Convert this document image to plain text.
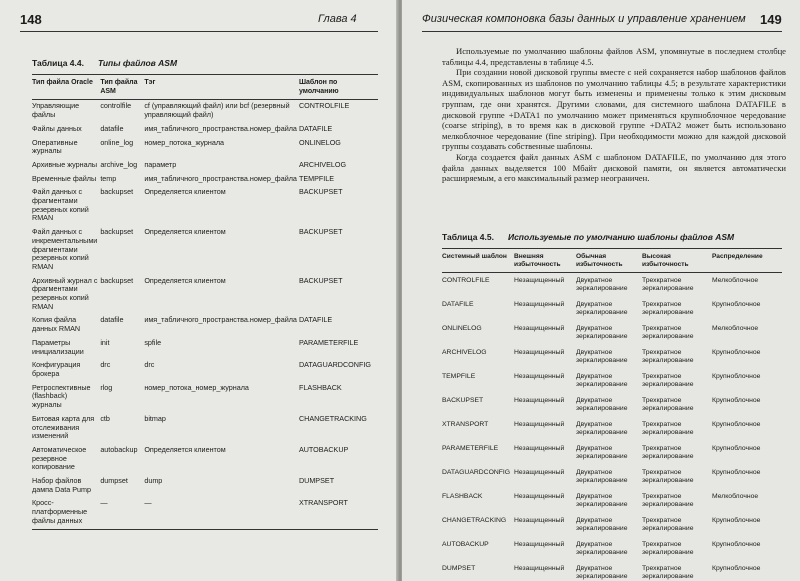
148	Глава 4
Таблица 4.4. Типы файлов ASM
Тип файла Oracle	Тип файла ASM	Тэг	Шаблон по умолчанию
Управляющие файлы	controlfile	cf (управляющий файл) или bcf (резервный управляющий файл)	CONTROLFILE
Файлы данных	datafile	имя_табличного_пространства.номер_файла	DATAFILE
Оперативные журналы	online_log	номер_потока_журнала	ONLINELOG
Архивные журналы	archive_log	параметр	ARCHIVELOG
Временные файлы	temp	имя_табличного_пространства.номер_файла	TEMPFILE
Файл данных с фрагментами резервных копий RMAN	backupset	Определяется клиентом	BACKUPSET
Файл данных с инкрементальными фрагментами резервных копий RMAN	backupset	Определяется клиентом	BACKUPSET
Архивный журнал с фрагментами резервных копий RMAN	backupset	Определяется клиентом	BACKUPSET
Копия файла данных RMAN	datafile	имя_табличного_пространства.номер_файла	DATAFILE
Параметры инициализации	init	spfile	PARAMETERFILE
Конфигурация брокера	drc	drc	DATAGUARDCONFIG
Ретроспективные (flashback) журналы	rlog	номер_потока_номер_журнала	FLASHBACK
Битовая карта для отслеживания изменений	ctb	bitmap	CHANGETRACKING
Автоматическое резервное копирование	autobackup	Определяется клиентом	AUTOBACKUP
Набор файлов дампа Data Pump	dumpset	dump	DUMPSET
Кросс-платформенные файлы данных	—	—	XTRANSPORT
Физическая компоновка базы данных и управление хранением 149

Используемые по умолчанию шаблоны файлов ASM, упомянутые в последнем столбце таблицы 4.4, представлены в таблице 4.5.

При создании новой дисковой группы вместе с ней сохраняется набор шаблонов файлов ASM, скопированных из шаблонов по умолчанию таблицы 4.5; в результате характеристики индивидуальных шаблонов могут быть изменены и применены только к этим дисковым группам, где они хранятся. Другими словами, для системного шаблона DATAFILE в дисковой группе +DATA1 по умолчанию может применяться крупноблочное чередование (coarse striping), в то время как в дисковой группе +DATA2 может быть использовано мелкоблочное чередование (fine striping). При необходимости можно для каждой дисковой группы создавать собственные шаблоны.

Когда создается файл данных ASM с шаблоном DATAFILE, по умолчанию для этого файла данных выделяется 100 Мбайт дисковой памяти, он является автоматически расширяемым, а его максимальный размер неограничен.

Таблица 4.5. Используемые по умолчанию шаблоны файлов ASM
Системный шаблон	Внешняя избыточность	Обычная избыточность	Высокая избыточность	Распределение
CONTROLFILE	Незащищенный	Двукратное зеркалирование	Трехкратное зеркалирование	Мелкоблочное
DATAFILE	Незащищенный	Двукратное зеркалирование	Трехкратное зеркалирование	Крупноблочное
ONLINELOG	Незащищенный	Двукратное зеркалирование	Трехкратное зеркалирование	Мелкоблочное
ARCHIVELOG	Незащищенный	Двукратное зеркалирование	Трехкратное зеркалирование	Крупноблочное
TEMPFILE	Незащищенный	Двукратное зеркалирование	Трехкратное зеркалирование	Крупноблочное
BACKUPSET	Незащищенный	Двукратное зеркалирование	Трехкратное зеркалирование	Крупноблочное
XTRANSPORT	Незащищенный	Двукратное зеркалирование	Трехкратное зеркалирование	Крупноблочное
PARAMETERFILE	Незащищенный	Двукратное зеркалирование	Трехкратное зеркалирование	Крупноблочное
DATAGUARDCONFIG	Незащищенный	Двукратное зеркалирование	Трехкратное зеркалирование	Крупноблочное
FLASHBACK	Незащищенный	Двукратное зеркалирование	Трехкратное зеркалирование	Мелкоблочное
CHANGETRACKING	Незащищенный	Двукратное зеркалирование	Трехкратное зеркалирование	Крупноблочное
AUTOBACKUP	Незащищенный	Двукратное зеркалирование	Трехкратное зеркалирование	Крупноблочное
DUMPSET	Незащищенный	Двукратное зеркалирование	Трехкратное зеркалирование	Крупноблочное
